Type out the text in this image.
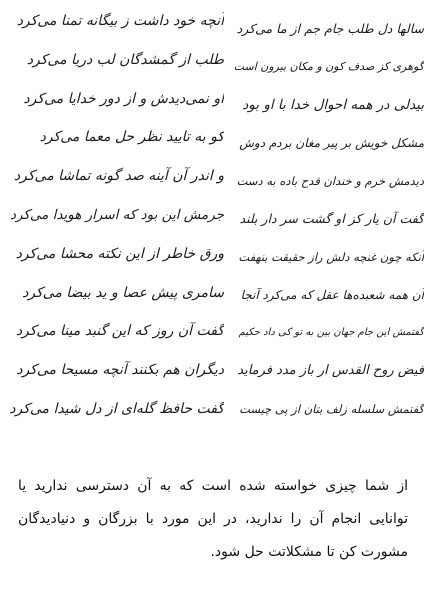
آنچه خود داشت ز بیگانه تمنا می‌کرد
طلب از گمشدگان لب دریا می‌کرد
او نمی‌دیدش و از دور خدایا می‌کرد
کو به تایید نظر حل معما می‌کرد
و اندر آن آینه صد گونه تماشا می‌کرد
جرمش این بود که اسرار هویدا می‌کرد
ورق خاطر از این نکته محشا می‌کرد
سامری پیش عصا و ید بیضا می‌کرد
گفت آن روز که این گنبد مینا می‌کرد
دیگران هم بکنند آنچه مسیحا می‌کرد
گفت حافظ گله‌ای از دل شیدا می‌کرد
سالها دل طلب جام جم از ما می‌کرد
گوهری کز صدف کون و مکان بیرون است
بیدلی در همه احوال خدا با او بود
مشکل خویش بر پیر مغان بردم دوش
دیدمش خرم و خندان قدح باده به دست
گفت آن یار کز او گشت سر دار بلند
آنکه چون غنچه دلش راز حقیقت بنهفت
آن همه شعبده‌ها عقل که می‌کرد آنجا
گفتمش این جام جهان بین به تو کی داد حکیم
فیض روح القدس ار باز مدد فرماید
گفتمش سلسله زلف بتان از پی چیست
از شما چیزی خواسته شده است که به آن دسترسی ندارید یا توانایی انجام آن را ندارید، در این مورد با بزرگان و دنیادیدگان مشورت کن تا مشکلاتت حل شود.
